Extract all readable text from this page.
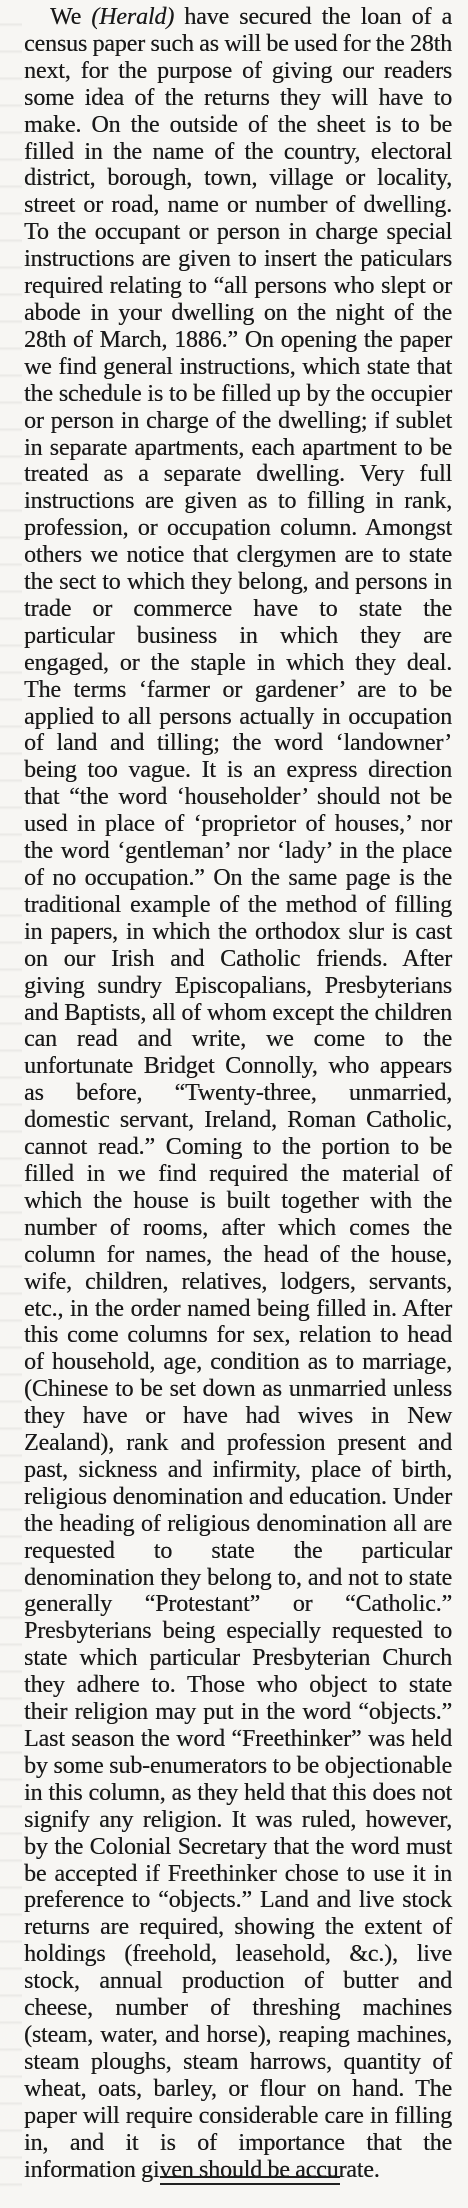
We (Herald) have secured the loan of a census paper such as will be used for the 28th next, for the purpose of giving our readers some idea of the returns they will have to make. On the outside of the sheet is to be filled in the name of the country, electoral district, borough, town, village or locality, street or road, name or number of dwelling. To the occupant or person in charge special instructions are given to insert the paticulars required relating to “all persons who slept or abode in your dwelling on the night of the 28th of March, 1886.” On opening the paper we find general instructions, which state that the schedule is to be filled up by the occupier or person in charge of the dwelling; if sublet in separate apartments, each apartment to be treated as a separate dwelling. Very full instructions are given as to filling in rank, profession, or occupation column. Amongst others we notice that clergymen are to state the sect to which they belong, and persons in trade or commerce have to state the particular business in which they are engaged, or the staple in which they deal. The terms ‘farmer or gardener’ are to be applied to all persons actually in occupation of land and tilling; the word ‘landowner’ being too vague. It is an express direction that “the word ‘householder’ should not be used in place of ‘proprietor of houses,’ nor the word ‘gentleman’ nor ‘lady’ in the place of no occupation.” On the same page is the traditional example of the method of filling in papers, in which the orthodox slur is cast on our Irish and Catholic friends. After giving sundry Episcopalians, Presbyterians and Baptists, all of whom except the children can read and write, we come to the unfortunate Bridget Connolly, who appears as before, “Twenty-three, unmarried, domestic servant, Ireland, Roman Catholic, cannot read.” Coming to the portion to be filled in we find required the material of which the house is built together with the number of rooms, after which comes the column for names, the head of the house, wife, children, relatives, lodgers, servants, etc., in the order named being filled in. After this come columns for sex, relation to head of household, age, condition as to marriage, (Chinese to be set down as unmarried unless they have or have had wives in New Zealand), rank and profession present and past, sickness and infirmity, place of birth, religious denomination and education. Under the heading of religious denomination all are requested to state the particular denomination they belong to, and not to state generally “Protestant” or “Catholic.” Presbyterians being especially requested to state which particular Presbyterian Church they adhere to. Those who object to state their religion may put in the word “objects.” Last season the word “Freethinker” was held by some sub-enumerators to be objectionable in this column, as they held that this does not signify any religion. It was ruled, however, by the Colonial Secretary that the word must be accepted if Freethinker chose to use it in preference to “objects.” Land and live stock returns are required, showing the extent of holdings (freehold, leasehold, &c.), live stock, annual production of butter and cheese, number of threshing machines (steam, water, and horse), reaping machines, steam ploughs, steam harrows, quantity of wheat, oats, barley, or flour on hand. The paper will require considerable care in filling in, and it is of importance that the information given should be accurate.
